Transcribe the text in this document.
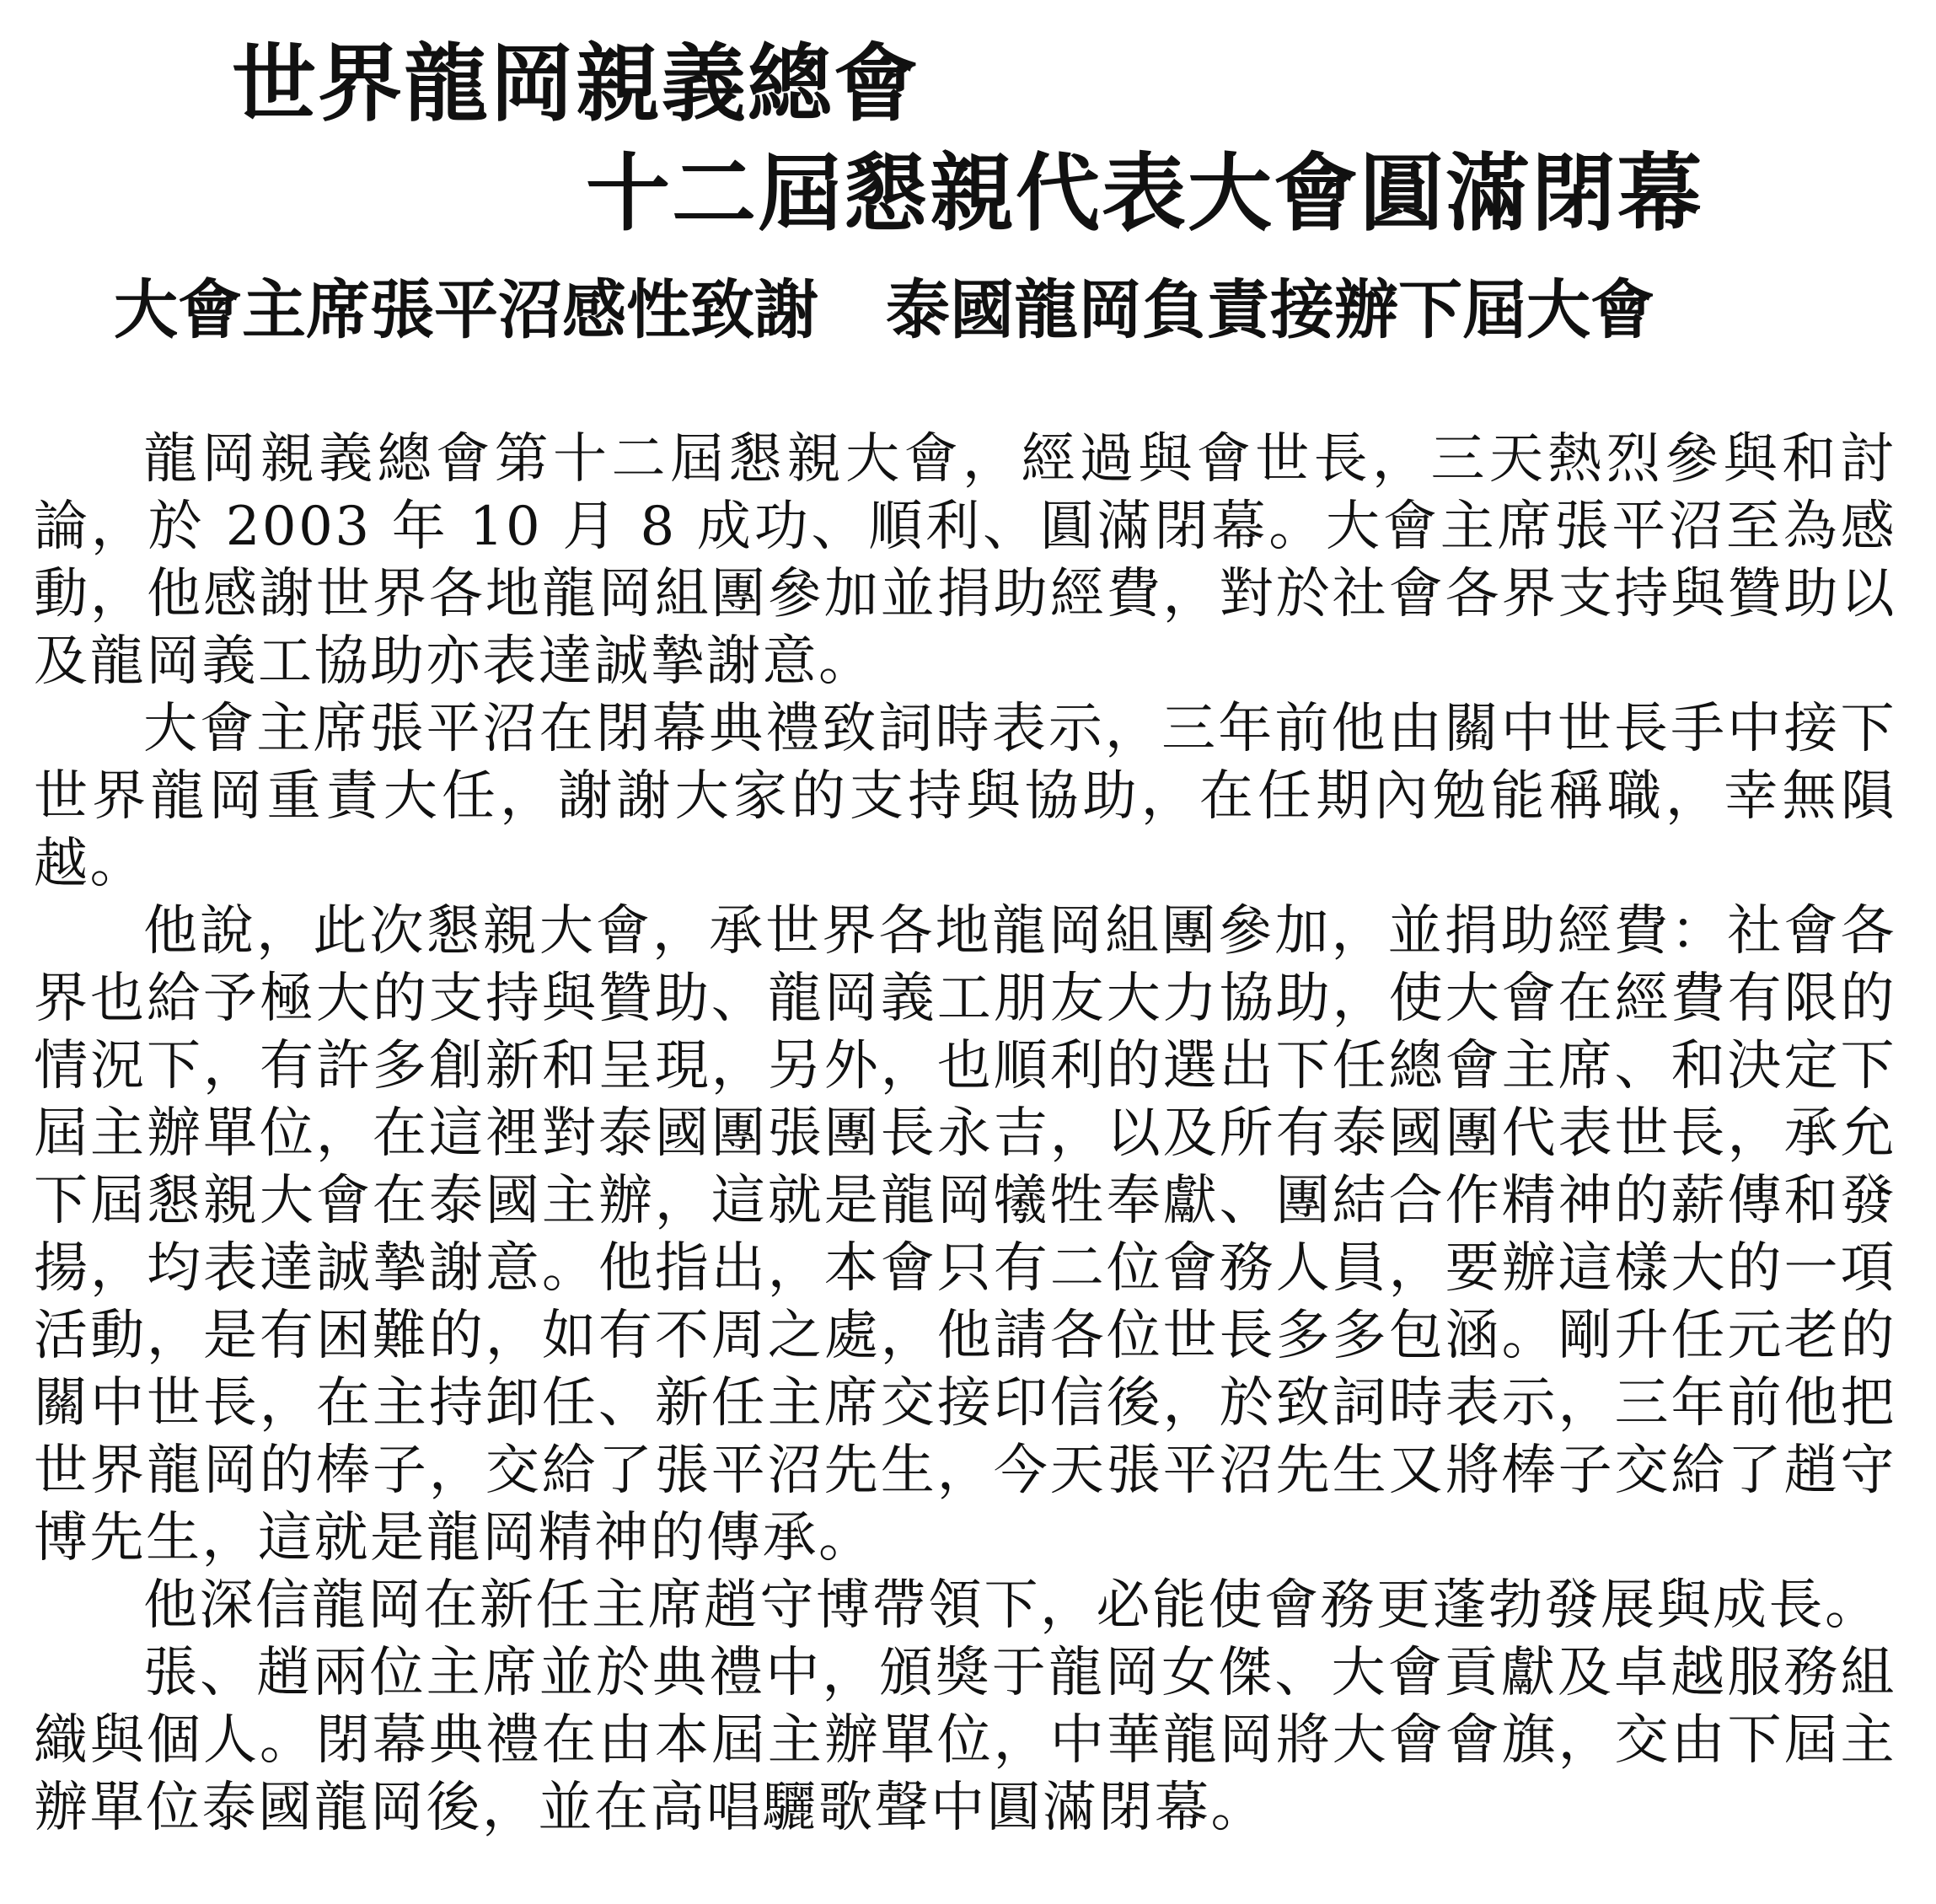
世界龍岡親義總會
十二屆懇親代表大會圓滿閉幕
大會主席張平沼感性致謝 泰國龍岡負責接辦下屆大會

龍岡親義總會第十二屆懇親大會，經過與會世長，三天熱烈參與和討論，於 2003 年 10 月 8 成功、順利、圓滿閉幕。大會主席張平沼至為感動，他感謝世界各地龍岡組團參加並捐助經費，對於社會各界支持與贊助以及龍岡義工協助亦表達誠摯謝意。

大會主席張平沼在閉幕典禮致詞時表示，三年前他由關中世長手中接下世界龍岡重責大任，謝謝大家的支持與協助，在任期內勉能稱職，幸無隕越。

他說，此次懇親大會，承世界各地龍岡組團參加，並捐助經費：社會各界也給予極大的支持與贊助、龍岡義工朋友大力協助，使大會在經費有限的情況下，有許多創新和呈現，另外，也順利的選出下任總會主席、和決定下屆主辦單位，在這裡對泰國團張團長永吉，以及所有泰國團代表世長，承允下屆懇親大會在泰國主辦，這就是龍岡犧牲奉獻、團結合作精神的薪傳和發揚，均表達誠摯謝意。他指出，本會只有二位會務人員，要辦這樣大的一項活動，是有困難的，如有不周之處，他請各位世長多多包涵。剛升任元老的關中世長，在主持卸任、新任主席交接印信後，於致詞時表示，三年前他把世界龍岡的棒子，交給了張平沼先生，今天張平沼先生又將棒子交給了趙守博先生，這就是龍岡精神的傳承。

他深信龍岡在新任主席趙守博帶領下，必能使會務更蓬勃發展與成長。

張、趙兩位主席並於典禮中，頒獎于龍岡女傑、大會貢獻及卓越服務組織與個人。閉幕典禮在由本屆主辦單位，中華龍岡將大會會旗，交由下屆主辦單位泰國龍岡後，並在高唱驪歌聲中圓滿閉幕。
